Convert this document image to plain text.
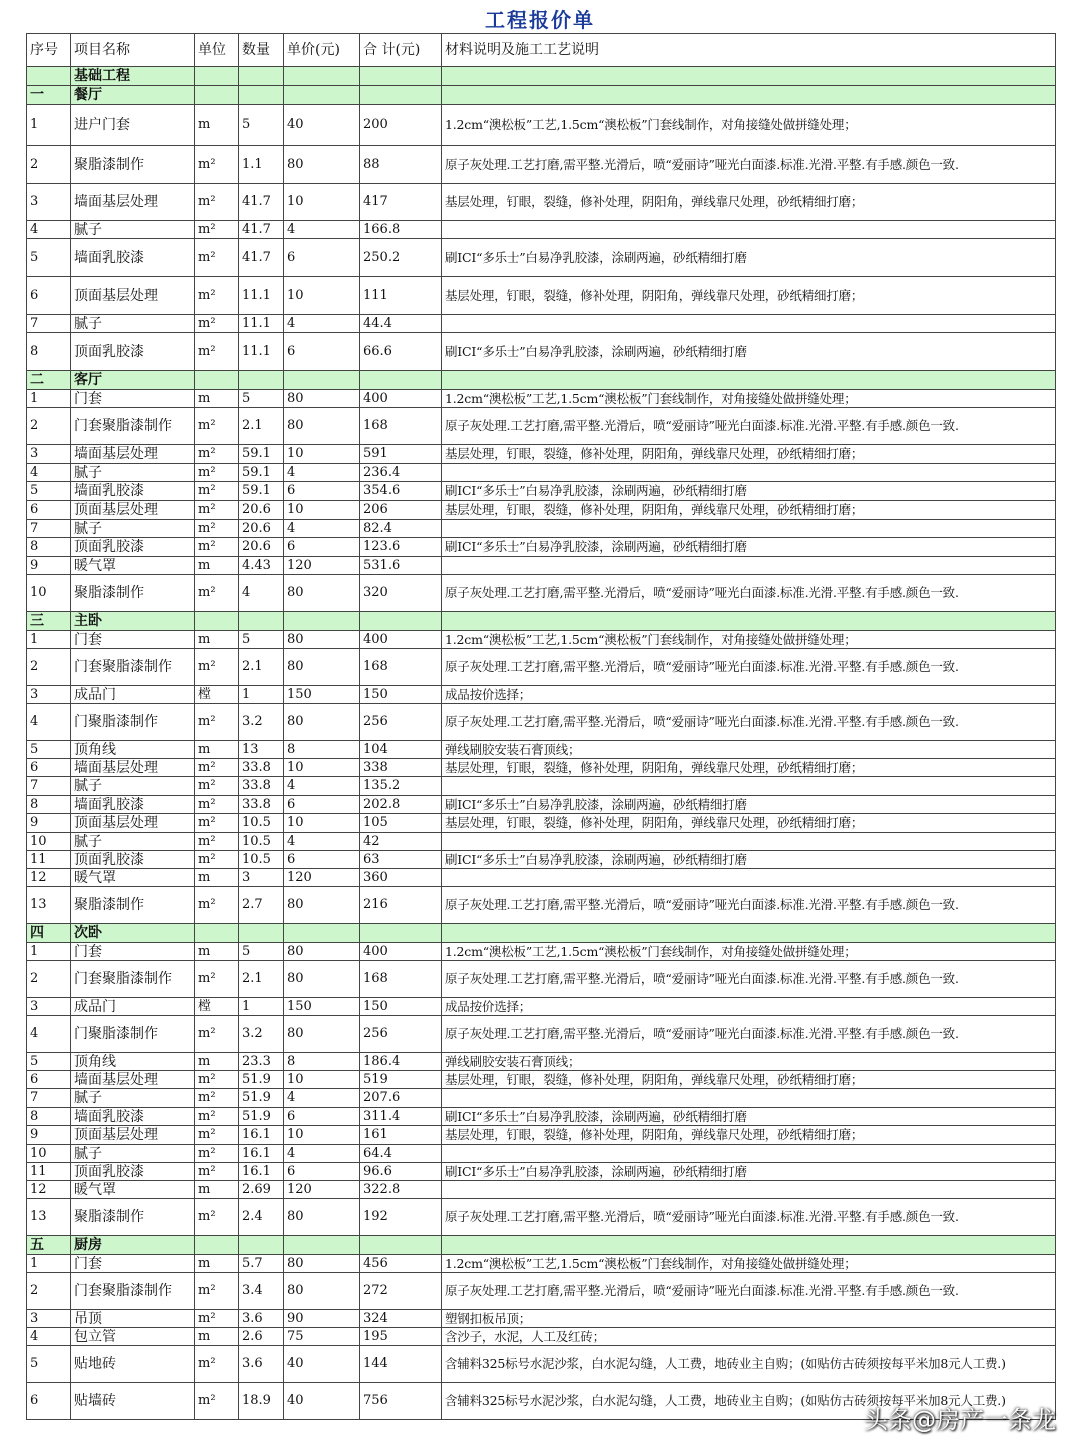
工程报价单
序号	项目名称	单位	数量	单价(元)	合 计(元)	材料说明及施工工艺说明
	基础工程					
一	餐厅					
1	进户门套	m	5	40	200	1.2cm“澳松板”工艺,1.5cm“澳松板”门套线制作，对角接缝处做拼缝处理；
2	聚脂漆制作	m²	1.1	80	88	原子灰处理.工艺打磨,需平整.光滑后，喷“爱丽诗”哑光白面漆.标准.光滑.平整.有手感.颜色一致.
3	墙面基层处理	m²	41.7	10	417	基层处理，钉眼，裂缝，修补处理，阴阳角，弹线靠尺处理，砂纸精细打磨；
4	腻子	m²	41.7	4	166.8	
5	墙面乳胶漆	m²	41.7	6	250.2	刷ICI“多乐士”白易净乳胶漆，涂刷两遍，砂纸精细打磨
6	顶面基层处理	m²	11.1	10	111	基层处理，钉眼，裂缝，修补处理，阴阳角，弹线靠尺处理，砂纸精细打磨；
7	腻子	m²	11.1	4	44.4	
8	顶面乳胶漆	m²	11.1	6	66.6	刷ICI“多乐士”白易净乳胶漆，涂刷两遍，砂纸精细打磨
二	客厅					
1	门套	m	5	80	400	1.2cm“澳松板”工艺,1.5cm“澳松板”门套线制作，对角接缝处做拼缝处理；
2	门套聚脂漆制作	m²	2.1	80	168	原子灰处理.工艺打磨,需平整.光滑后，喷“爱丽诗”哑光白面漆.标准.光滑.平整.有手感.颜色一致.
3	墙面基层处理	m²	59.1	10	591	基层处理，钉眼，裂缝，修补处理，阴阳角，弹线靠尺处理，砂纸精细打磨；
4	腻子	m²	59.1	4	236.4	
5	墙面乳胶漆	m²	59.1	6	354.6	刷ICI“多乐士”白易净乳胶漆，涂刷两遍，砂纸精细打磨
6	顶面基层处理	m²	20.6	10	206	基层处理，钉眼，裂缝，修补处理，阴阳角，弹线靠尺处理，砂纸精细打磨；
7	腻子	m²	20.6	4	82.4	
8	顶面乳胶漆	m²	20.6	6	123.6	刷ICI“多乐士”白易净乳胶漆，涂刷两遍，砂纸精细打磨
9	暖气罩	m	4.43	120	531.6	
10	聚脂漆制作	m²	4	80	320	原子灰处理.工艺打磨,需平整.光滑后，喷“爱丽诗”哑光白面漆.标准.光滑.平整.有手感.颜色一致.
三	主卧					
1	门套	m	5	80	400	1.2cm“澳松板”工艺,1.5cm“澳松板”门套线制作，对角接缝处做拼缝处理；
2	门套聚脂漆制作	m²	2.1	80	168	原子灰处理.工艺打磨,需平整.光滑后，喷“爱丽诗”哑光白面漆.标准.光滑.平整.有手感.颜色一致.
3	成品门	樘	1	150	150	成品按价选择；
4	门聚脂漆制作	m²	3.2	80	256	原子灰处理.工艺打磨,需平整.光滑后，喷“爱丽诗”哑光白面漆.标准.光滑.平整.有手感.颜色一致.
5	顶角线	m	13	8	104	弹线刷胶安装石膏顶线；
6	墙面基层处理	m²	33.8	10	338	基层处理，钉眼，裂缝，修补处理，阴阳角，弹线靠尺处理，砂纸精细打磨；
7	腻子	m²	33.8	4	135.2	
8	墙面乳胶漆	m²	33.8	6	202.8	刷ICI“多乐士”白易净乳胶漆，涂刷两遍，砂纸精细打磨
9	顶面基层处理	m²	10.5	10	105	基层处理，钉眼，裂缝，修补处理，阴阳角，弹线靠尺处理，砂纸精细打磨；
10	腻子	m²	10.5	4	42	
11	顶面乳胶漆	m²	10.5	6	63	刷ICI“多乐士”白易净乳胶漆，涂刷两遍，砂纸精细打磨
12	暖气罩	m	3	120	360	
13	聚脂漆制作	m²	2.7	80	216	原子灰处理.工艺打磨,需平整.光滑后，喷“爱丽诗”哑光白面漆.标准.光滑.平整.有手感.颜色一致.
四	次卧					
1	门套	m	5	80	400	1.2cm“澳松板”工艺,1.5cm“澳松板”门套线制作，对角接缝处做拼缝处理；
2	门套聚脂漆制作	m²	2.1	80	168	原子灰处理.工艺打磨,需平整.光滑后，喷“爱丽诗”哑光白面漆.标准.光滑.平整.有手感.颜色一致.
3	成品门	樘	1	150	150	成品按价选择；
4	门聚脂漆制作	m²	3.2	80	256	原子灰处理.工艺打磨,需平整.光滑后，喷“爱丽诗”哑光白面漆.标准.光滑.平整.有手感.颜色一致.
5	顶角线	m	23.3	8	186.4	弹线刷胶安装石膏顶线；
6	墙面基层处理	m²	51.9	10	519	基层处理，钉眼，裂缝，修补处理，阴阳角，弹线靠尺处理，砂纸精细打磨；
7	腻子	m²	51.9	4	207.6	
8	墙面乳胶漆	m²	51.9	6	311.4	刷ICI“多乐士”白易净乳胶漆，涂刷两遍，砂纸精细打磨
9	顶面基层处理	m²	16.1	10	161	基层处理，钉眼，裂缝，修补处理，阴阳角，弹线靠尺处理，砂纸精细打磨；
10	腻子	m²	16.1	4	64.4	
11	顶面乳胶漆	m²	16.1	6	96.6	刷ICI“多乐士”白易净乳胶漆，涂刷两遍，砂纸精细打磨
12	暖气罩	m	2.69	120	322.8	
13	聚脂漆制作	m²	2.4	80	192	原子灰处理.工艺打磨,需平整.光滑后，喷“爱丽诗”哑光白面漆.标准.光滑.平整.有手感.颜色一致.
五	厨房					
1	门套	m	5.7	80	456	1.2cm“澳松板”工艺,1.5cm“澳松板”门套线制作，对角接缝处做拼缝处理；
2	门套聚脂漆制作	m²	3.4	80	272	原子灰处理.工艺打磨,需平整.光滑后，喷“爱丽诗”哑光白面漆.标准.光滑.平整.有手感.颜色一致.
3	吊顶	m²	3.6	90	324	塑钢扣板吊顶；
4	包立管	m	2.6	75	195	含沙子，水泥，人工及红砖；
5	贴地砖	m²	3.6	40	144	含辅料325标号水泥沙浆，白水泥勾缝，人工费，地砖业主自购；(如贴仿古砖须按每平米加8元人工费.)
6	贴墙砖	m²	18.9	40	756	含辅料325标号水泥沙浆，白水泥勾缝，人工费，地砖业主自购；(如贴仿古砖须按每平米加8元人工费.)
头条@房产一条龙
